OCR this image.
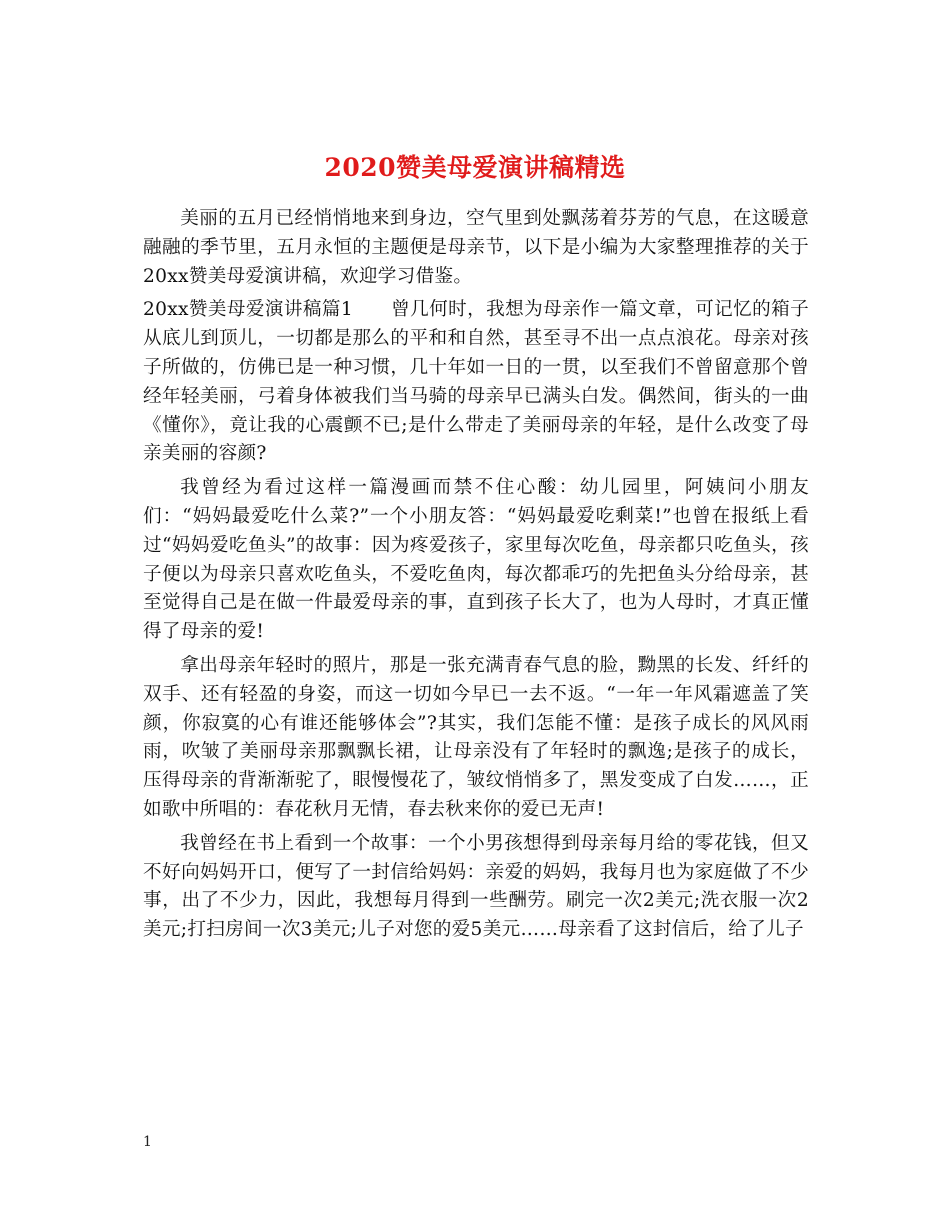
2020赞美母爱演讲稿精选

美丽的五月已经悄悄地来到身边，空气里到处飘荡着芬芳的气息，在这暖意融融的季节里，五月永恒的主题便是母亲节，以下是小编为大家整理推荐的关于20xx赞美母爱演讲稿，欢迎学习借鉴。

20xx赞美母爱演讲稿篇1　　曾几何时，我想为母亲作一篇文章，可记忆的箱子从底儿到顶儿，一切都是那么的平和和自然，甚至寻不出一点点浪花。母亲对孩子所做的，仿佛已是一种习惯，几十年如一日的一贯，以至我们不曾留意那个曾经年轻美丽，弓着身体被我们当马骑的母亲早已满头白发。偶然间，街头的一曲《懂你》，竟让我的心震颤不已;是什么带走了美丽母亲的年轻，是什么改变了母亲美丽的容颜?

我曾经为看过这样一篇漫画而禁不住心酸：幼儿园里，阿姨问小朋友们：“妈妈最爱吃什么菜?”一个小朋友答：“妈妈最爱吃剩菜!”也曾在报纸上看过“妈妈爱吃鱼头”的故事：因为疼爱孩子，家里每次吃鱼，母亲都只吃鱼头，孩子便以为母亲只喜欢吃鱼头，不爱吃鱼肉，每次都乖巧的先把鱼头分给母亲，甚至觉得自己是在做一件最爱母亲的事，直到孩子长大了，也为人母时，才真正懂得了母亲的爱!

拿出母亲年轻时的照片，那是一张充满青春气息的脸，黝黑的长发、纤纤的双手、还有轻盈的身姿，而这一切如今早已一去不返。“一年一年风霜遮盖了笑颜，你寂寞的心有谁还能够体会”?其实，我们怎能不懂：是孩子成长的风风雨雨，吹皱了美丽母亲那飘飘长裙，让母亲没有了年轻时的飘逸;是孩子的成长，压得母亲的背渐渐驼了，眼慢慢花了，皱纹悄悄多了，黑发变成了白发……，正如歌中所唱的：春花秋月无情，春去秋来你的爱已无声!

我曾经在书上看到一个故事：一个小男孩想得到母亲每月给的零花钱，但又不好向妈妈开口，便写了一封信给妈妈：亲爱的妈妈，我每月也为家庭做了不少事，出了不少力，因此，我想每月得到一些酬劳。刷完一次2美元;洗衣服一次2美元;打扫房间一次3美元;儿子对您的爱5美元……母亲看了这封信后，给了儿子

1
